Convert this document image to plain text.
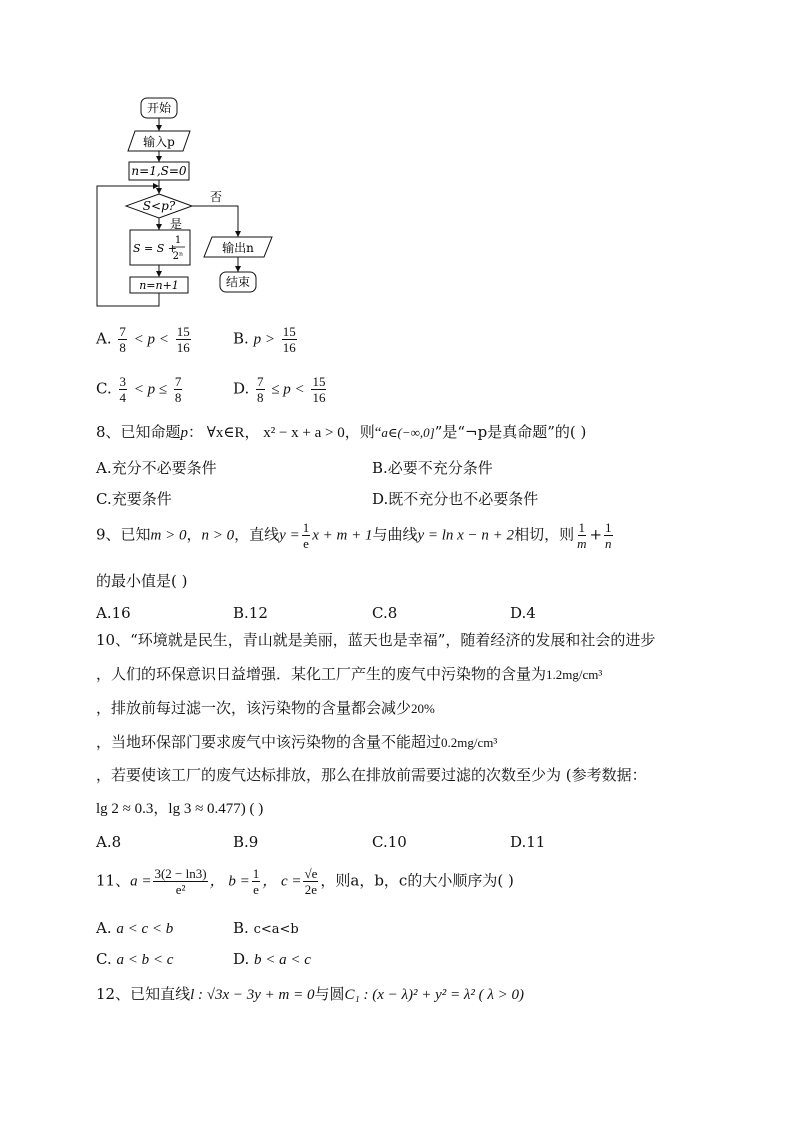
开始
输入p
n=1,S=0
S<p?
否
是
S = S +
1
2ⁿ
n=n+1
输出n
结束
A. $\frac{7}{8} < p < \frac{15}{16}$	B. $p > \frac{15}{16}$
C. $\frac{3}{4} < p \le \frac{7}{8}$	D. $\frac{7}{8} \le p < \frac{15}{16}$
8、已知命题p： ∀x∈R， x² − x + a > 0，则“a∈(−∞,0]”是“¬p是真命题”的( )
A.充分不必要条件	B.必要不充分条件
C.充要条件	D.既不充分也不必要条件
9、已知m > 0，n > 0，直线$y = \frac{1}{e}$ x + m + 1与曲线y = ln x − n + 2相切，则 $\frac{1}{m} + \frac{1}{n}$
的最小值是( )
A.16	B.12	C.8	D.4
10、“环境就是民生，青山就是美丽，蓝天也是幸福”，随着经济的发展和社会的进步
，人们的环保意识日益增强．某化工厂产生的废气中污染物的含量为1.2mg/cm³
，排放前每过滤一次，该污染物的含量都会减少20%
，当地环保部门要求废气中该污染物的含量不能超过0.2mg/cm³
，若要使该工厂的废气达标排放，那么在排放前需要过滤的次数至少为 (参考数据：
lg 2 ≈ 0.3，lg 3 ≈ 0.477) ( )
A.8	B.9	C.10	D.11
11、$a = \frac{3(2 - \ln 3)}{\text{e²}}$ ， $b = \frac{1}{e}$ ， $c = \frac{√e}{2e}$ ，则a，b，c的大小顺序为( )
A. a < c < b	B. c<a<b
C. a < b < c	D. b < a < c
12、已知直线l : √3x − 3y + m = 0与圆C₁ : (x − λ)² + y² = λ² ( λ > 0)
